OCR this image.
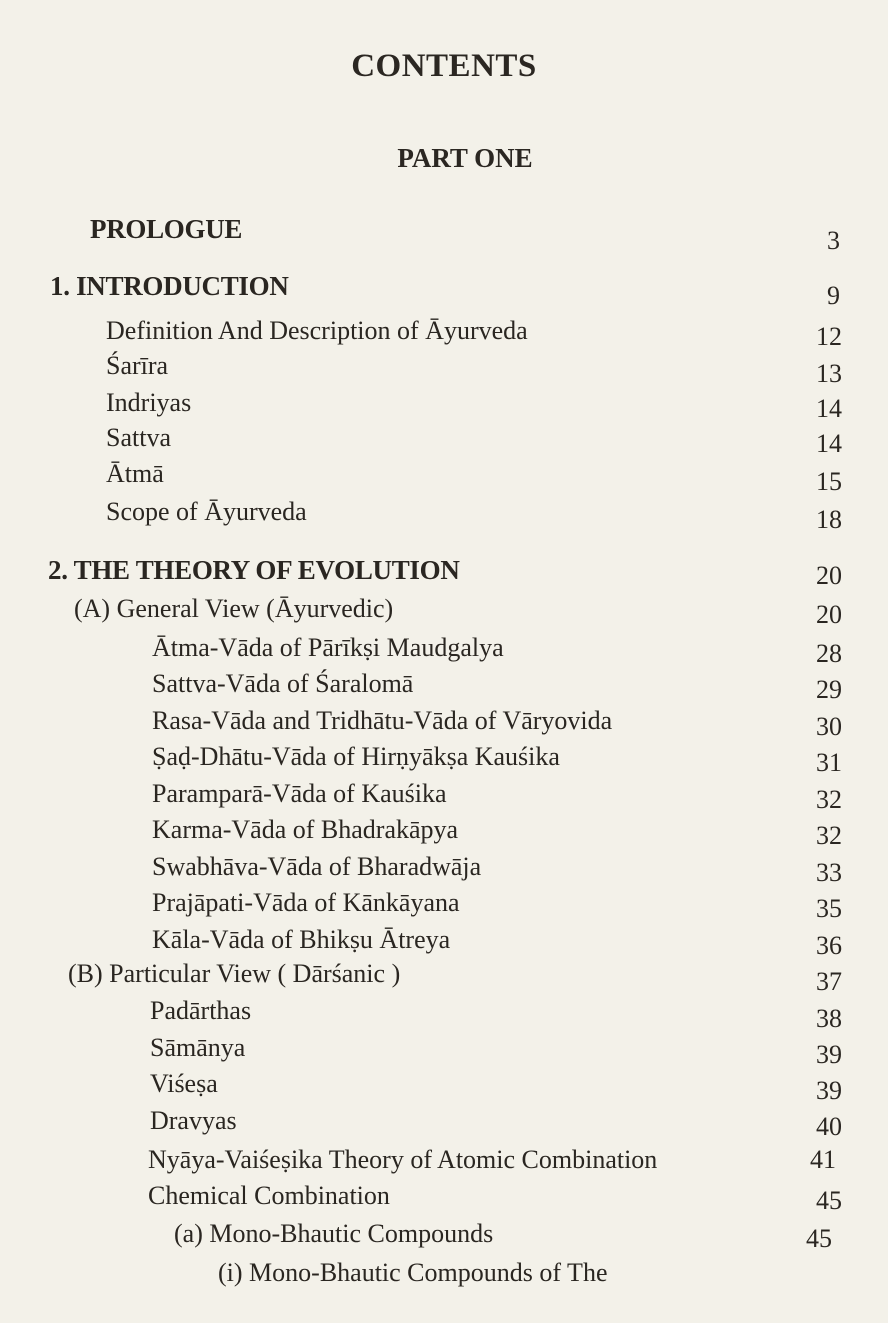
CONTENTS
PART ONE
PROLOGUE	3
1. INTRODUCTION	9
Definition And Description of Āyurveda	12
Śarīra	13
Indriyas	14
Sattva	14
Ātmā	15
Scope of Āyurveda	18
2. THE THEORY OF EVOLUTION	20
(A) General View (Āyurvedic)	20
Ātma-Vāda of Pārīkṣi Maudgalya	28
Sattva-Vāda of Śaralomā	29
Rasa-Vāda and Tridhātu-Vāda of Vāryovida	30
Ṣaḍ-Dhātu-Vāda of Hirṇyākṣa Kauśika	31
Paramparā-Vāda of Kauśika	32
Karma-Vāda of Bhadrakāpya	32
Swabhāva-Vāda of Bharadwāja	33
Prajāpati-Vāda of Kānkāyana	35
Kāla-Vāda of Bhikṣu Ātreya	36
(B) Particular View ( Dārśanic )	37
Padārthas	38
Sāmānya	39
Viśeṣa	39
Dravyas	40
Nyāya-Vaiśeṣika Theory of Atomic Combination	41
Chemical Combination	45
(a) Mono-Bhautic Compounds	45
(i) Mono-Bhautic Compounds of The
